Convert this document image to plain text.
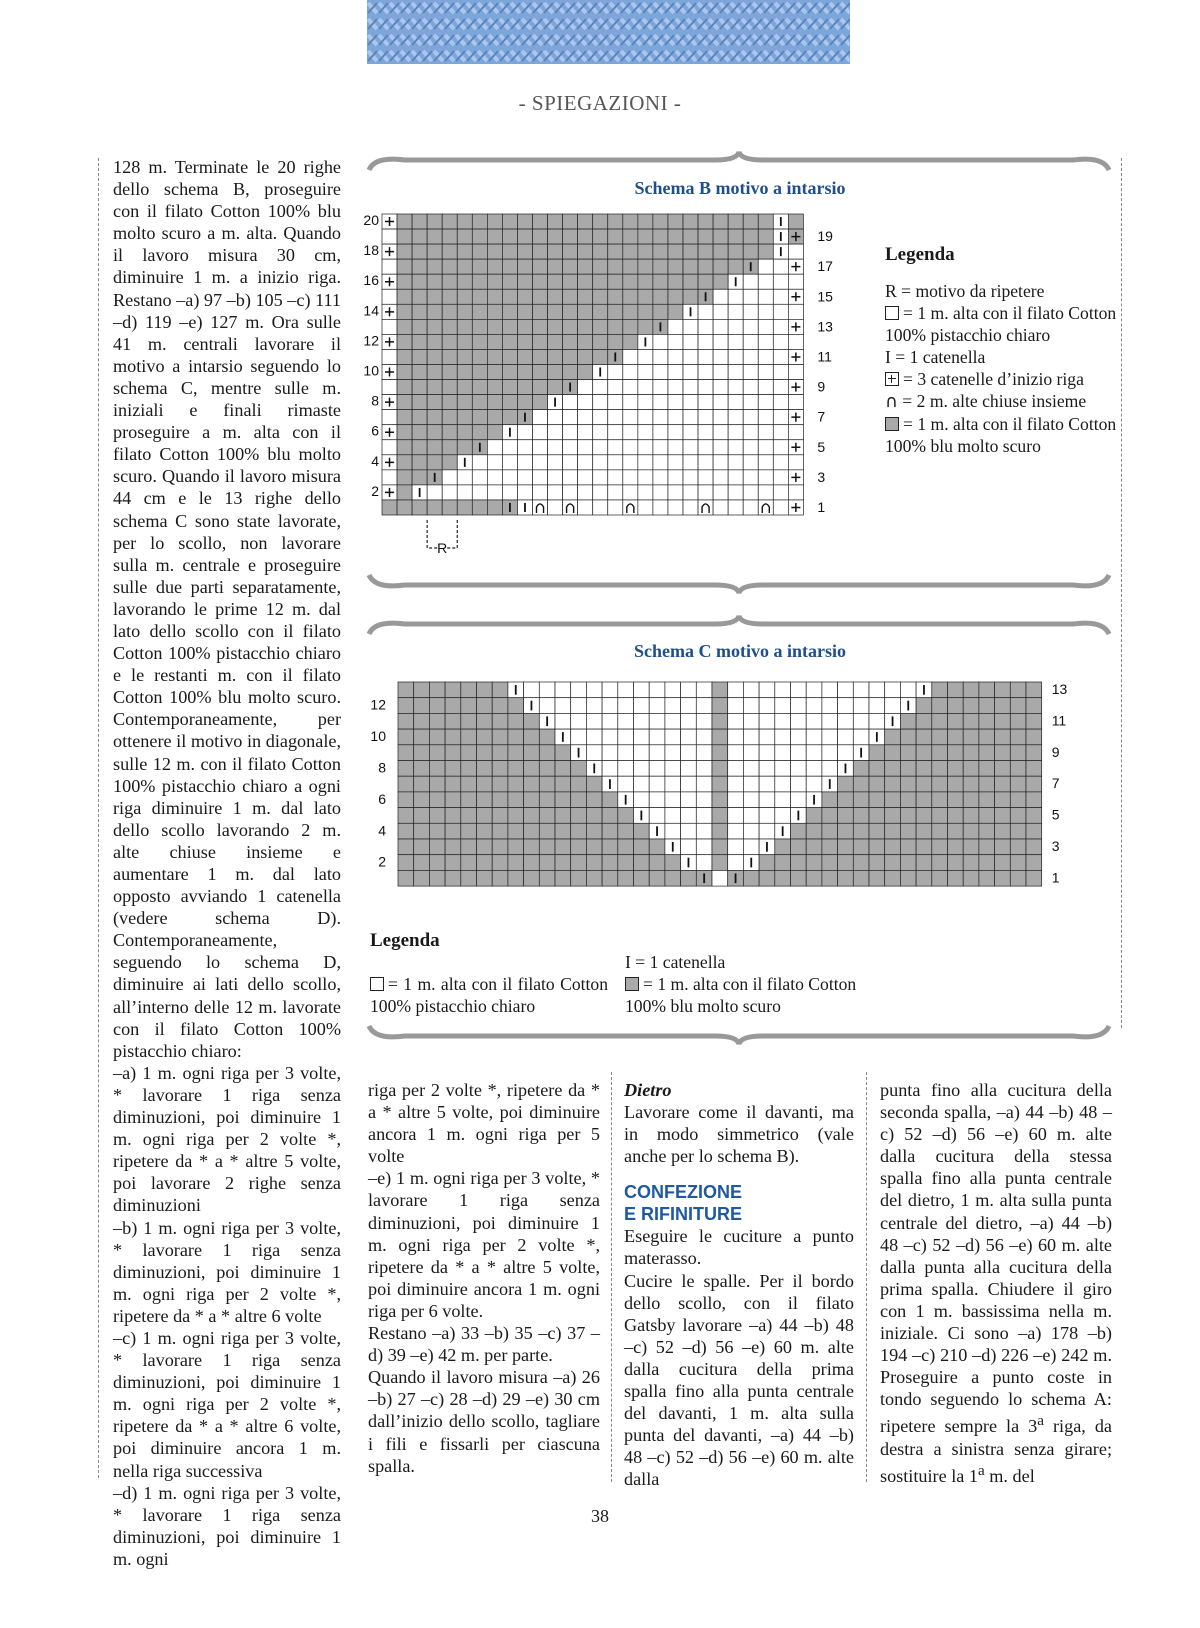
- SPIEGAZIONI -

128 m. Terminate le 20 righe dello schema B, proseguire con il filato Cotton 100% blu molto scuro a m. alta. Quando il lavoro misura 30 cm, diminuire 1 m. a inizio riga. Restano –a) 97 –b) 105 –c) 111 –d) 119 –e) 127 m. Ora sulle 41 m. centrali lavorare il motivo a intarsio seguendo lo schema C, mentre sulle m. iniziali e finali rimaste proseguire a m. alta con il filato Cotton 100% blu molto scuro. Quando il lavoro misura 44 cm e le 13 righe dello schema C sono state lavorate, per lo scollo, non lavorare sulla m. centrale e proseguire sulle due parti separatamente, lavorando le prime 12 m. dal lato dello scollo con il filato Cotton 100% pistacchio chiaro e le restanti m. con il filato Cotton 100% blu molto scuro. Contemporaneamente, per ottenere il motivo in diagonale, sulle 12 m. con il filato Cotton 100% pistacchio chiaro a ogni riga diminuire 1 m. dal lato dello scollo lavorando 2 m. alte chiuse insieme e aumentare 1 m. dal lato opposto avviando 1 catenella (vedere schema D). Contemporaneamente, seguendo lo schema D, diminuire ai lati dello scollo, all’interno delle 12 m. lavorate con il filato Cotton 100% pistacchio chiaro:

–a) 1 m. ogni riga per 3 volte, * lavorare 1 riga senza diminuzioni, poi diminuire 1 m. ogni riga per 2 volte *, ripetere da * a * altre 5 volte, poi lavorare 2 righe senza diminuzioni

–b) 1 m. ogni riga per 3 volte, * lavorare 1 riga senza diminuzioni, poi diminuire 1 m. ogni riga per 2 volte *, ripetere da * a * altre 6 volte

–c) 1 m. ogni riga per 3 volte, * lavorare 1 riga senza diminuzioni, poi diminuire 1 m. ogni riga per 2 volte *, ripetere da * a * altre 6 volte, poi diminuire ancora 1 m. nella riga successiva

–d) 1 m. ogni riga per 3 volte, * lavorare 1 riga senza diminuzioni, poi diminuire 1 m. ogni

Schema B motivo a intarsio
20
18
16
14
12
10
8
6
4
2
19
17
15
13
11
9
7
5
3
1
R
Legenda
R = motivo da ripetere
= 1 m. alta con il filato Cotton 100% pistacchio chiaro
I = 1 catenella
= 3 catenelle d’inizio riga
∩ = 2 m. alte chiuse insieme
= 1 m. alta con il filato Cotton 100% blu molto scuro
Schema C motivo a intarsio
12
10
8
6
4
2
13
11
9
7
5
3
1
Legenda
= 1 m. alta con il filato Cotton 100% pistacchio chiaro
I = 1 catenella
= 1 m. alta con il filato Cotton 100% blu molto scuro

riga per 2 volte *, ripetere da * a * altre 5 volte, poi diminuire ancora 1 m. ogni riga per 5 volte

–e) 1 m. ogni riga per 3 volte, * lavorare 1 riga senza diminuzioni, poi diminuire 1 m. ogni riga per 2 volte *, ripetere da * a * altre 5 volte, poi diminuire ancora 1 m. ogni riga per 6 volte.

Restano –a) 33 –b) 35 –c) 37 –d) 39 –e) 42 m. per parte.

Quando il lavoro misura –a) 26 –b) 27 –c) 28 –d) 29 –e) 30 cm dall’inizio dello scollo, tagliare i fili e fissarli per ciascuna spalla.

Dietro

Lavorare come il davanti, ma in modo simmetrico (vale anche per lo schema B).

CONFEZIONE
E RIFINITURE

Eseguire le cuciture a punto materasso.

Cucire le spalle. Per il bordo dello scollo, con il filato Gatsby lavorare –a) 44 –b) 48 –c) 52 –d) 56 –e) 60 m. alte dalla cucitura della prima spalla fino alla punta centrale del davanti, 1 m. alta sulla punta del davanti, –a) 44 –b) 48 –c) 52 –d) 56 –e) 60 m. alte dalla

punta fino alla cucitura della seconda spalla, –a) 44 –b) 48 –c) 52 –d) 56 –e) 60 m. alte dalla cucitura della stessa spalla fino alla punta centrale del dietro, 1 m. alta sulla punta centrale del dietro, –a) 44 –b) 48 –c) 52 –d) 56 –e) 60 m. alte dalla punta alla cucitura della prima spalla. Chiudere il giro con 1 m. bassissima nella m. iniziale. Ci sono –a) 178 –b) 194 –c) 210 –d) 226 –e) 242 m. Proseguire a punto coste in tondo seguendo lo schema A: ripetere sempre la 3$^a$ riga, da destra a sinistra senza girare; sostituire la 1$^a$ m. del

38
